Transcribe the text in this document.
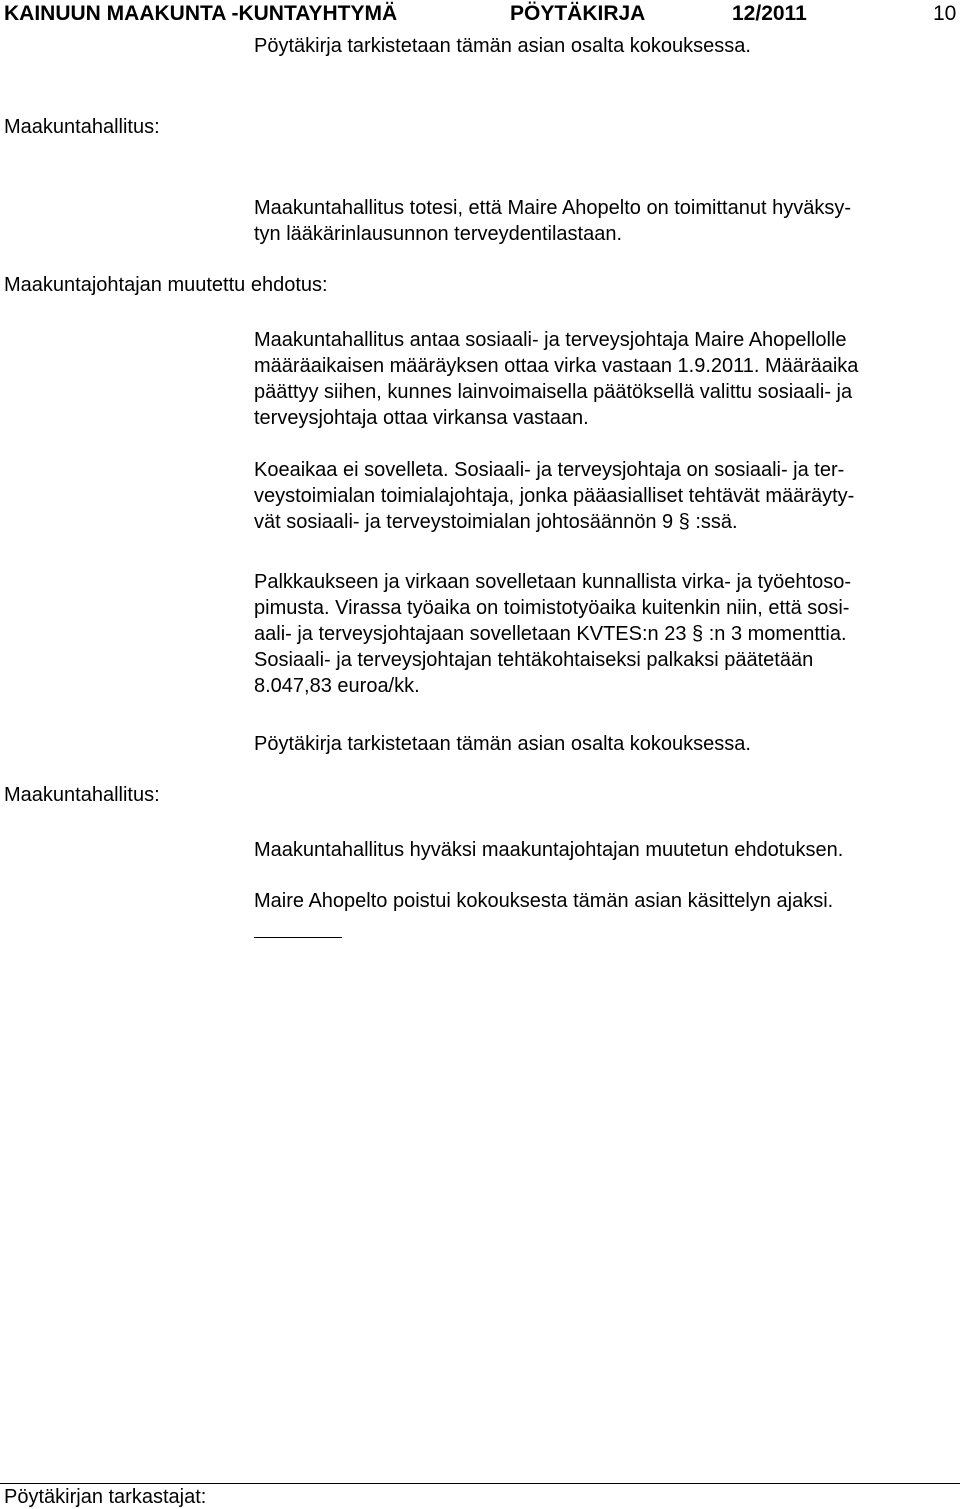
KAINUUN MAAKUNTA -KUNTAYHTYMÄ	PÖYTÄKIRJA	12/2011	10
Pöytäkirja tarkistetaan tämän asian osalta kokouksessa.
Maakuntahallitus:
Maakuntahallitus totesi, että Maire Ahopelto on toimittanut hyväksy-
tyn lääkärinlausunnon terveydentilastaan.
Maakuntajohtajan muutettu ehdotus:
Maakuntahallitus antaa sosiaali- ja terveysjohtaja Maire Ahopellolle
määräaikaisen määräyksen ottaa virka vastaan 1.9.2011. Määräaika
päättyy siihen, kunnes lainvoimaisella päätöksellä valittu sosiaali- ja
terveysjohtaja ottaa virkansa vastaan.
Koeaikaa ei sovelleta. Sosiaali- ja terveysjohtaja on sosiaali- ja ter-
veystoimialan toimialajohtaja, jonka pääasialliset tehtävät määräyty-
vät sosiaali- ja terveystoimialan johtosäännön 9 § :ssä.
Palkkaukseen ja virkaan sovelletaan kunnallista virka- ja työehtoso-
pimusta. Virassa työaika on toimistotyöaika kuitenkin niin, että sosi-
aali- ja terveysjohtajaan sovelletaan KVTES:n 23 § :n 3 momenttia.
Sosiaali- ja terveysjohtajan tehtäkohtaiseksi palkaksi päätetään
8.047,83 euroa/kk.
Pöytäkirja tarkistetaan tämän asian osalta kokouksessa.
Maakuntahallitus:
Maakuntahallitus hyväksi maakuntajohtajan muutetun ehdotuksen.
Maire Ahopelto poistui kokouksesta tämän asian käsittelyn ajaksi.
Pöytäkirjan tarkastajat:
